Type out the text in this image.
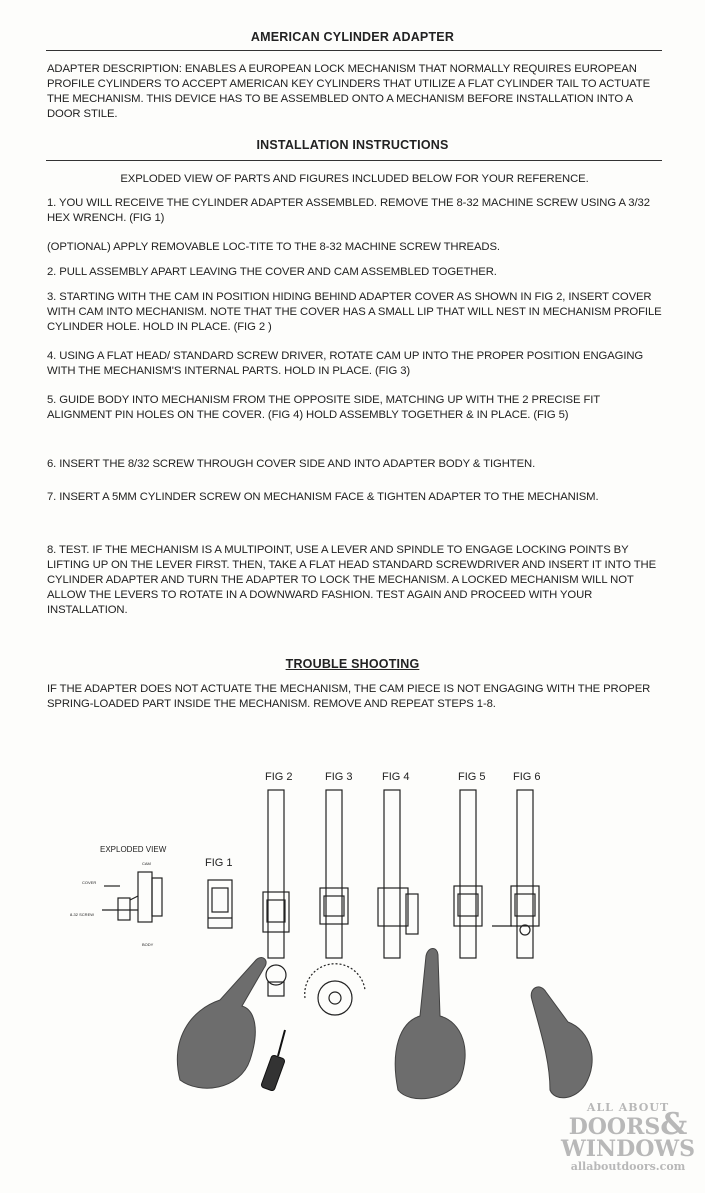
AMERICAN CYLINDER ADAPTER
ADAPTER DESCRIPTION: ENABLES A EUROPEAN LOCK MECHANISM THAT NORMALLY REQUIRES EUROPEAN PROFILE CYLINDERS TO ACCEPT AMERICAN KEY CYLINDERS THAT UTILIZE A FLAT CYLINDER TAIL TO ACTUATE THE MECHANISM. THIS DEVICE HAS TO BE ASSEMBLED ONTO A MECHANISM BEFORE INSTALLATION INTO A DOOR STILE.
INSTALLATION INSTRUCTIONS
EXPLODED VIEW OF PARTS AND FIGURES INCLUDED BELOW FOR YOUR REFERENCE.
1. YOU WILL RECEIVE THE CYLINDER ADAPTER ASSEMBLED. REMOVE THE 8-32 MACHINE SCREW USING A 3/32 HEX WRENCH. (FIG 1)
(OPTIONAL) APPLY REMOVABLE LOC-TITE TO THE 8-32 MACHINE SCREW THREADS.
2. PULL ASSEMBLY APART LEAVING THE COVER AND CAM ASSEMBLED TOGETHER.
3. STARTING WITH THE CAM IN POSITION HIDING BEHIND ADAPTER COVER AS SHOWN IN FIG 2, INSERT COVER WITH CAM INTO MECHANISM. NOTE THAT THE COVER HAS A SMALL LIP THAT WILL NEST IN MECHANISM PROFILE CYLINDER HOLE. HOLD IN PLACE. (FIG 2 )
4. USING A FLAT HEAD/ STANDARD SCREW DRIVER, ROTATE CAM UP INTO THE PROPER POSITION ENGAGING WITH THE MECHANISM'S INTERNAL PARTS. HOLD IN PLACE. (FIG 3)
5. GUIDE BODY INTO MECHANISM FROM THE OPPOSITE SIDE, MATCHING UP WITH THE 2 PRECISE FIT ALIGNMENT PIN HOLES ON THE COVER. (FIG 4) HOLD ASSEMBLY TOGETHER & IN PLACE. (FIG 5)
6. INSERT THE 8/32 SCREW THROUGH COVER SIDE AND INTO ADAPTER BODY & TIGHTEN.
7. INSERT A 5MM CYLINDER SCREW ON MECHANISM FACE & TIGHTEN ADAPTER TO THE MECHANISM.
8. TEST. IF THE MECHANISM IS A MULTIPOINT, USE A LEVER AND SPINDLE TO ENGAGE LOCKING POINTS BY LIFTING UP ON THE LEVER FIRST. THEN, TAKE A FLAT HEAD STANDARD SCREWDRIVER AND INSERT IT INTO THE CYLINDER ADAPTER AND TURN THE ADAPTER TO LOCK THE MECHANISM. A LOCKED MECHANISM WILL NOT ALLOW THE LEVERS TO ROTATE IN A DOWNWARD FASHION. TEST AGAIN AND PROCEED WITH YOUR INSTALLATION.
TROUBLE SHOOTING
IF THE ADAPTER DOES NOT ACTUATE THE MECHANISM, THE CAM PIECE IS NOT ENGAGING WITH THE PROPER SPRING-LOADED PART INSIDE THE MECHANISM. REMOVE AND REPEAT STEPS 1-8.
FIG 2	FIG 3	FIG 4	FIG 5 FIG 6
FIG 1
EXPLODED VIEW
CAM
COVER
8-32 SCREW
BODY
ALL ABOUT
DOORS&
WINDOWS
allaboutdoors.com
